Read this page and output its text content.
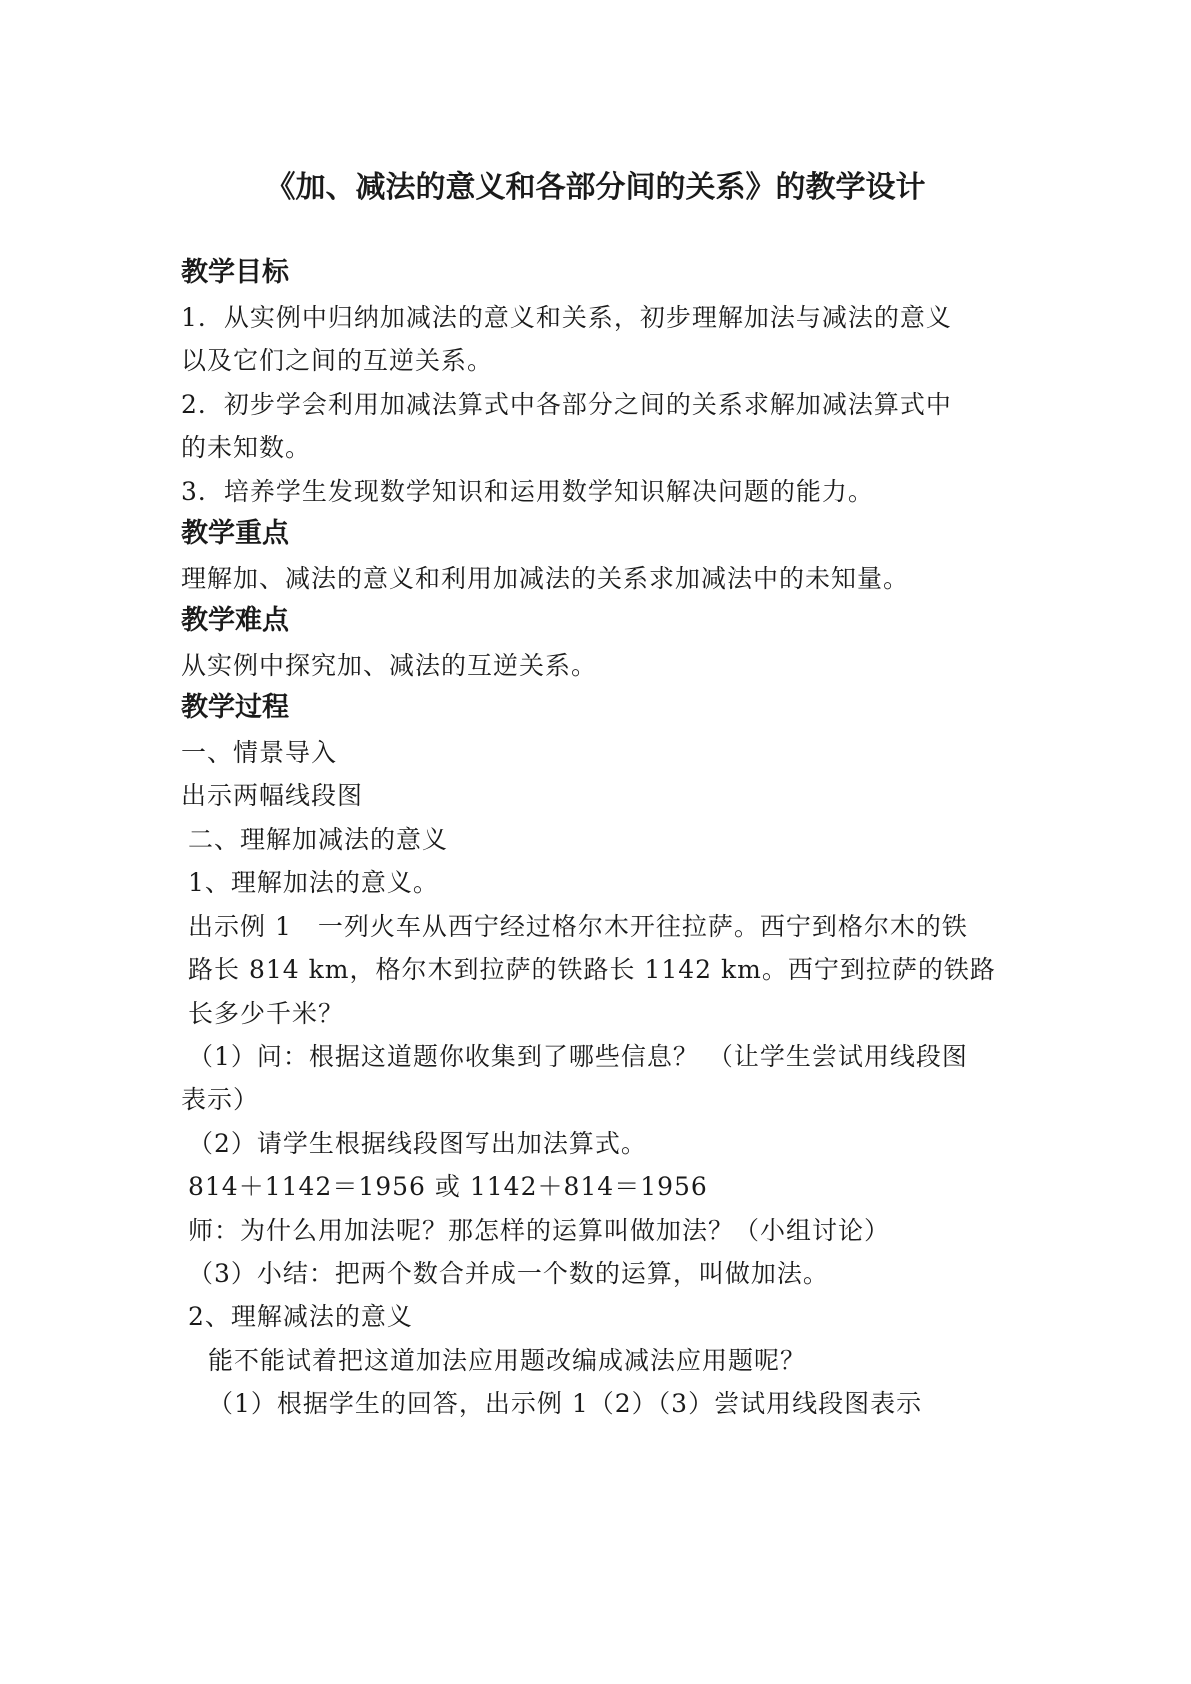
《加、减法的意义和各部分间的关系》的教学设计
教学目标
1．从实例中归纳加减法的意义和关系，初步理解加法与减法的意义
以及它们之间的互逆关系。
2．初步学会利用加减法算式中各部分之间的关系求解加减法算式中
的未知数。
3．培养学生发现数学知识和运用数学知识解决问题的能力。
教学重点
理解加、减法的意义和利用加减法的关系求加减法中的未知量。
教学难点
从实例中探究加、减法的互逆关系。
教学过程
一、情景导入
出示两幅线段图
二、理解加减法的意义
1、理解加法的意义。
出示例 1　一列火车从西宁经过格尔木开往拉萨。西宁到格尔木的铁
路长 814 km，格尔木到拉萨的铁路长 1142 km。西宁到拉萨的铁路
长多少千米？
（1）问：根据这道题你收集到了哪些信息？ （让学生尝试用线段图
表示）
（2）请学生根据线段图写出加法算式。
814＋1142＝1956 或 1142＋814＝1956
师：为什么用加法呢？那怎样的运算叫做加法？（小组讨论）
（3）小结：把两个数合并成一个数的运算，叫做加法。
2、理解减法的意义
能不能试着把这道加法应用题改编成减法应用题呢？
（1）根据学生的回答，出示例 1（2）（3）尝试用线段图表示
